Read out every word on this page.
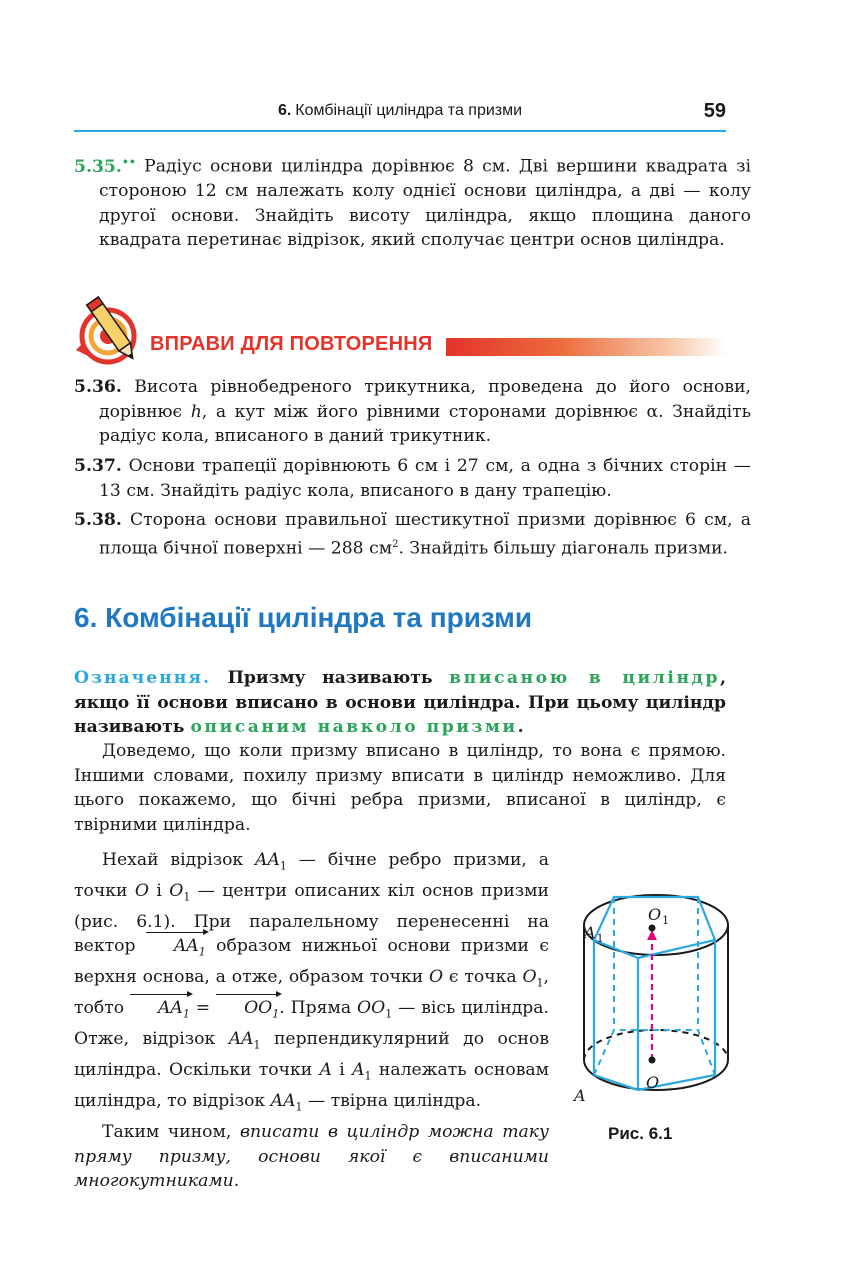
6. Комбінації циліндра та призми	59
5.35.•• Радіус основи циліндра дорівнює 8 см. Дві вершини квадрата зі стороною 12 см належать колу однієї основи циліндра, а дві — колу другої основи. Знайдіть висоту циліндра, якщо площина даного квадрата перетинає відрізок, який сполучає центри основ циліндра.
ВПРАВИ ДЛЯ ПОВТОРЕННЯ
5.36. Висота рівнобедреного трикутника, проведена до його основи, дорівнює h, а кут між його рівними сторонами дорівнює α. Знайдіть радіус кола, вписаного в даний трикутник.
5.37. Основи трапеції дорівнюють 6 см і 27 см, а одна з бічних сторін — 13 см. Знайдіть радіус кола, вписаного в дану трапецію.
5.38. Сторона основи правильної шестикутної призми дорівнює 6 см, а площа бічної поверхні — 288 $см^2$. Знайдіть більшу діагональ призми.
6. Комбінації циліндра та призми
Означення. Призму називають вписаною в циліндр, якщо її основи вписано в основи циліндра. При цьому циліндр називають описаним навколо призми.

Доведемо, що коли призму вписано в циліндр, то вона є прямою. Іншими словами, похилу призму вписати в циліндр неможливо. Для цього покажемо, що бічні ребра призми, вписаної в циліндр, є твірними циліндра.

Нехай відрізок $AA_1$ — бічне ребро призми, а точки O і $O_1$ — центри описаних кіл основ призми (рис. 6.1). При паралельному перенесенні на вектор $AA_1$ образом нижньої основи призми є верхня основа, а отже, образом точки O є точка $O_1$, тобто $AA_1 = OO_1$. Пряма $OO_1$ — вісь циліндра. Отже, відрізок $AA_1$ перпендикулярний до основ циліндра. Оскільки точки A і $A_1$ належать основам циліндра, то відрізок $AA_1$ — твірна циліндра.

Таким чином, вписати в циліндр можна таку пряму призму, основи якої є вписаними многокутниками.

$O_1$
$A_1$
O
A
Рис. 6.1
